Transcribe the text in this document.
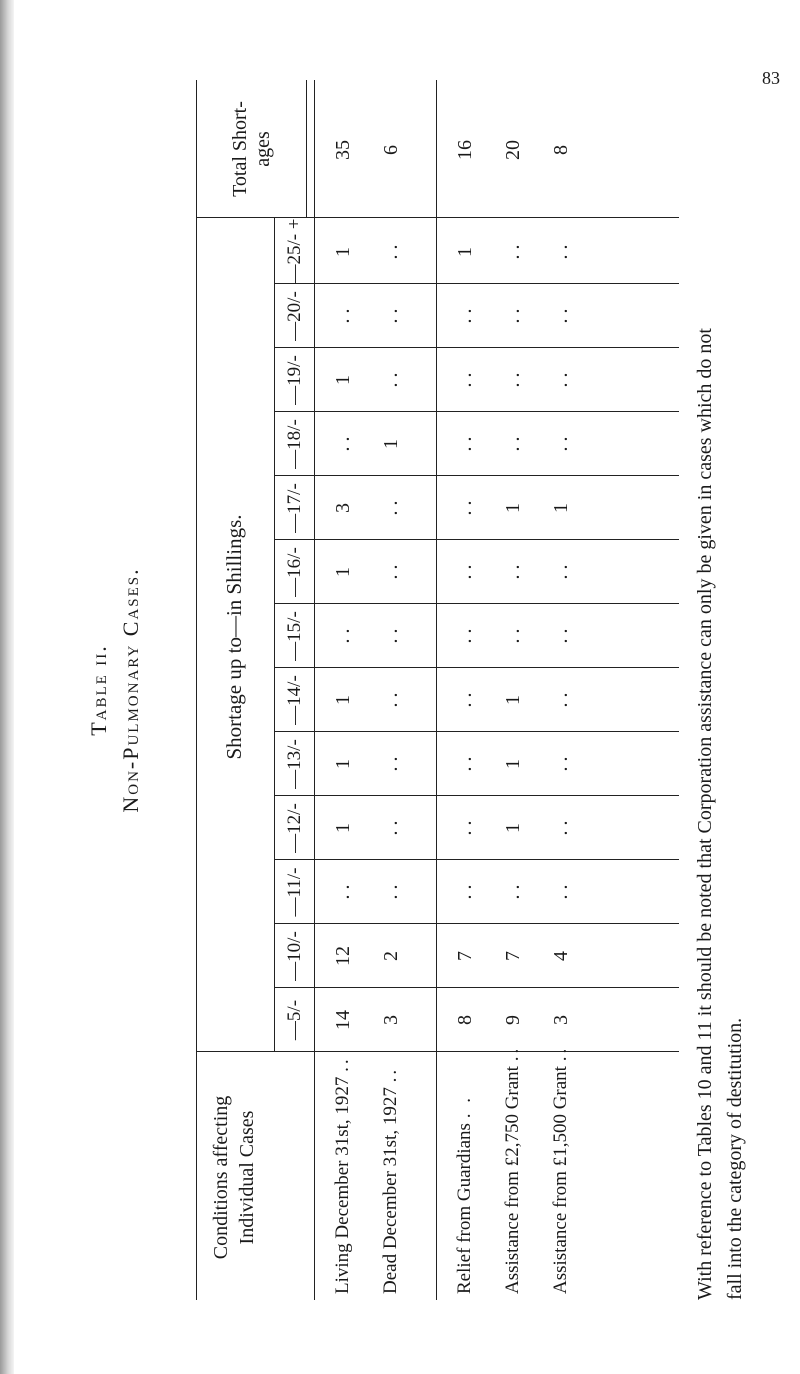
83
Table ii. Non-Pulmonary Cases.
Conditions affecting Individual Cases
Shortage up to—in Shillings.
Total Short-ages
—5/-
—10/-
—11/-
—12/-
—13/-
—14/-
—15/-
—16/-
—17/-
—18/-
—19/-
—20/-
—25/- +
Living December 31st, 1927 ..
Dead December 31st, 1927 ..
Relief from Guardians . . Assistance from £2,750 Grant ..
Assistance from £1,500 Grant ..
14
12
. .
1
1
1
. .
1
3
. .
1
. .
1
35
3
2
. .
. .
. .
. .
. .
. .
. .
1
. .
. .
. .
6
8
7
. .
. .
. .
. .
. .
. .
. .
. .
. .
. .
1
16
9
7
. .
1
1
1
. .
. .
1
. .
. .
. .
. .
20
3
4
. .
. .
. .
. .
. .
. .
1
. .
. .
. .
. .
8
With reference to Tables 10 and 11 it should be noted that Corporation assistance can only be given in cases which do not fall into the category of destitution.
